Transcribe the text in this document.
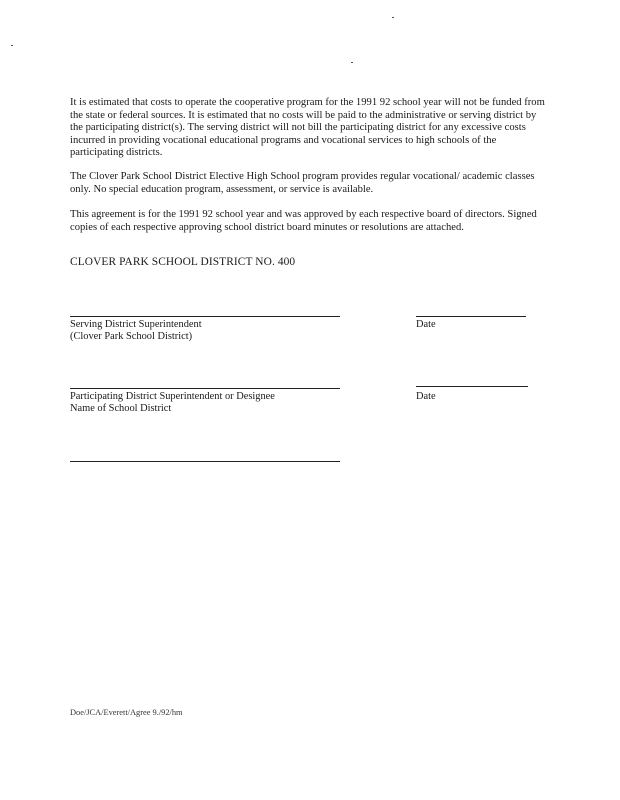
It is estimated that costs to operate the cooperative program for the 1991 92 school year will not be funded from the state or federal sources. It is estimated that no costs will be paid to the administrative or serving district by the participating district(s). The serving district will not bill the participating district for any excessive costs incurred in providing vocational educational programs and vocational services to high schools of the participating districts.

The Clover Park School District Elective High School program provides regular vocational/ academic classes only. No special education program, assessment, or service is available.

This agreement is for the 1991 92 school year and was approved by each respective board of directors. Signed copies of each respective approving school district board minutes or resolutions are attached.

CLOVER PARK SCHOOL DISTRICT NO. 400

Serving District Superintendent
(Clover Park School District)
Date
Participating District Superintendent or Designee
Name of School District
Date
Doe/JCA/Everett/Agree 9./92/hm
